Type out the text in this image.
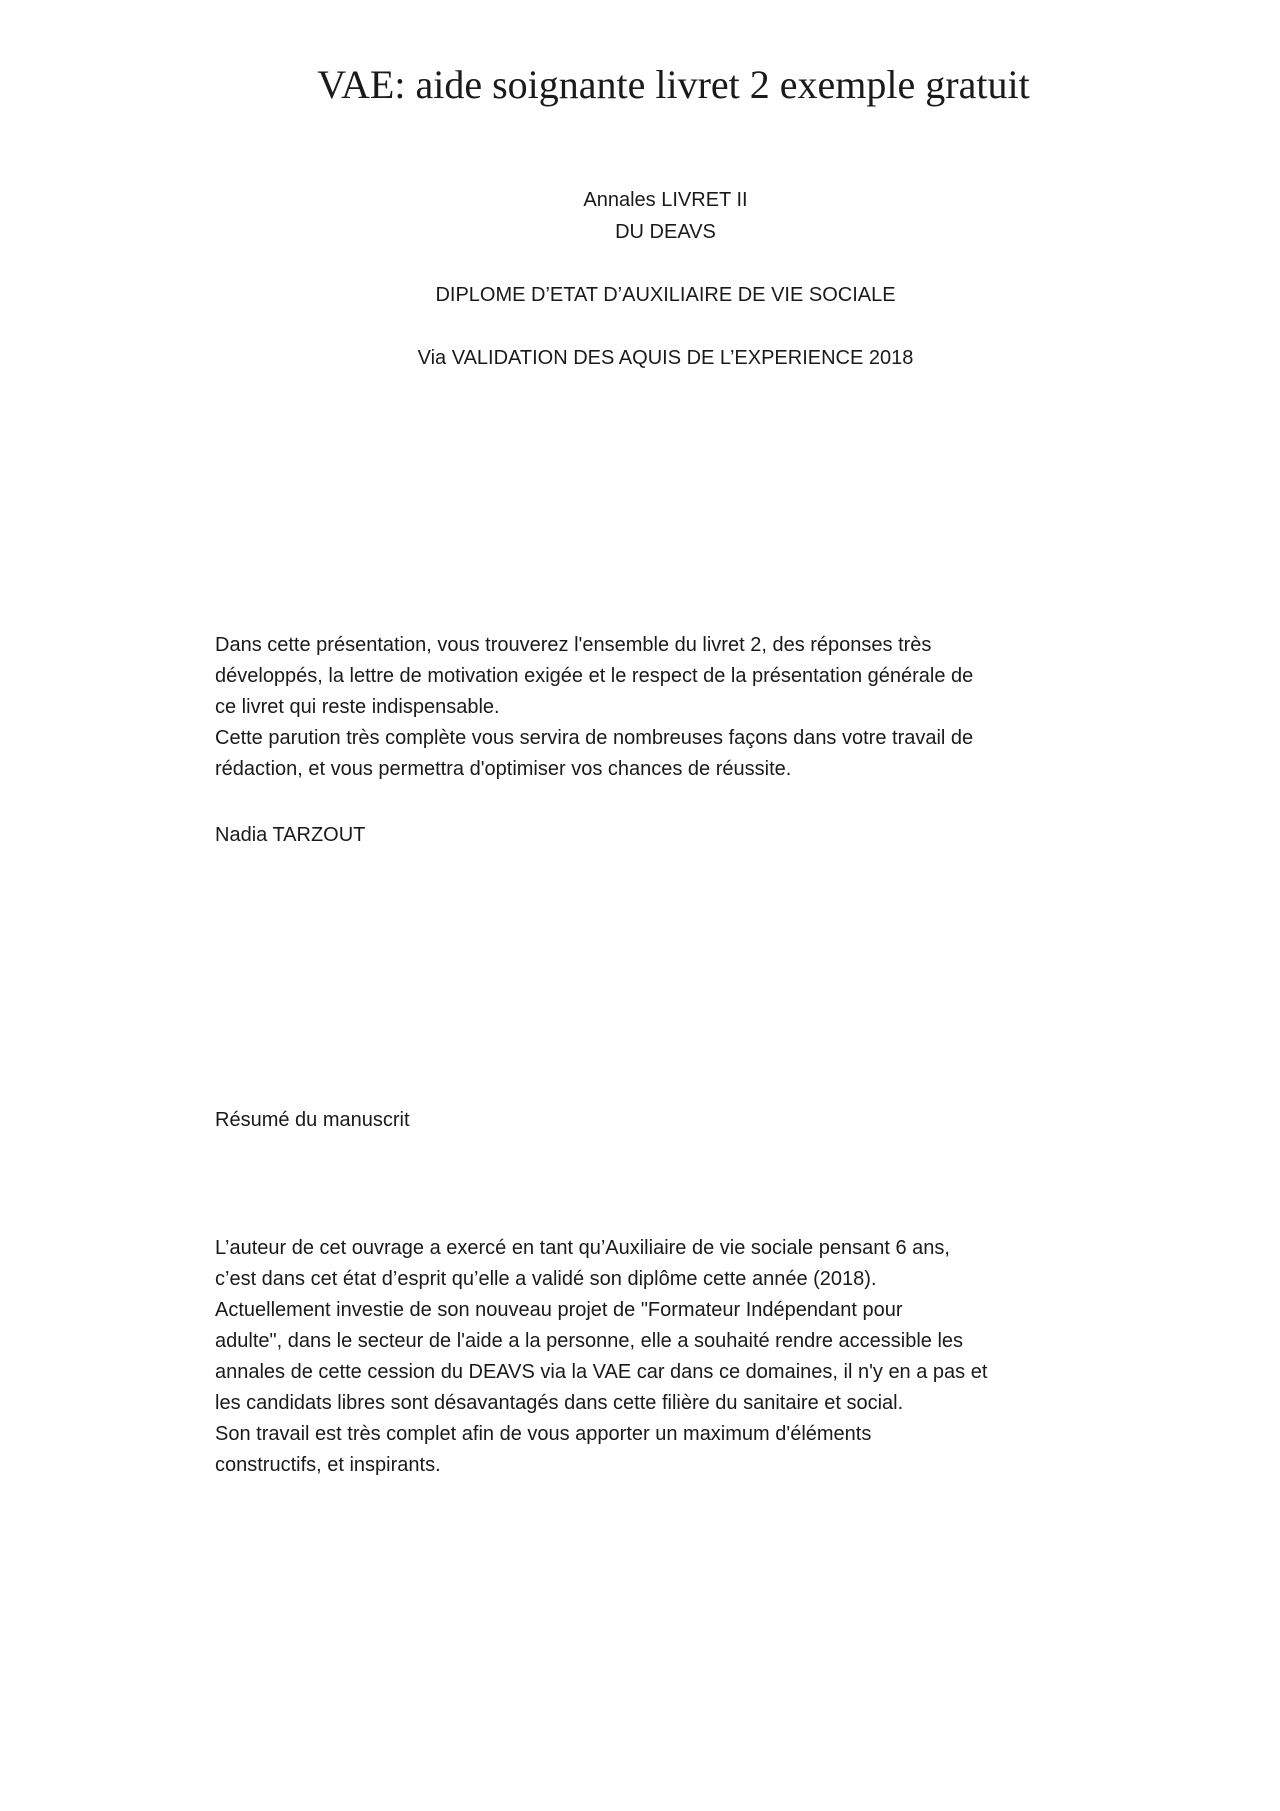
VAE: aide soignante livret 2 exemple gratuit

Annales LIVRET II

DU DEAVS

DIPLOME D’ETAT D’AUXILIAIRE DE VIE SOCIALE

Via VALIDATION DES AQUIS DE L’EXPERIENCE 2018

Dans cette présentation, vous trouverez l'ensemble du livret 2, des réponses très
développés, la lettre de motivation exigée et le respect de la présentation générale de
ce livret qui reste indispensable.
Cette parution très complète vous servira de nombreuses façons dans votre travail de
rédaction, et vous permettra d'optimiser vos chances de réussite.
Nadia TARZOUT
Résumé du manuscrit
L’auteur de cet ouvrage a exercé en tant qu’Auxiliaire de vie sociale pensant 6 ans,
c’est dans cet état d’esprit qu’elle a validé son diplôme cette année (2018).
Actuellement investie de son nouveau projet de "Formateur Indépendant pour
adulte", dans le secteur de l'aide a la personne, elle a souhaité rendre accessible les
annales de cette cession du DEAVS via la VAE car dans ce domaines, il n'y en a pas et
les candidats libres sont désavantagés dans cette filière du sanitaire et social.
Son travail est très complet afin de vous apporter un maximum d'éléments
constructifs, et inspirants.
